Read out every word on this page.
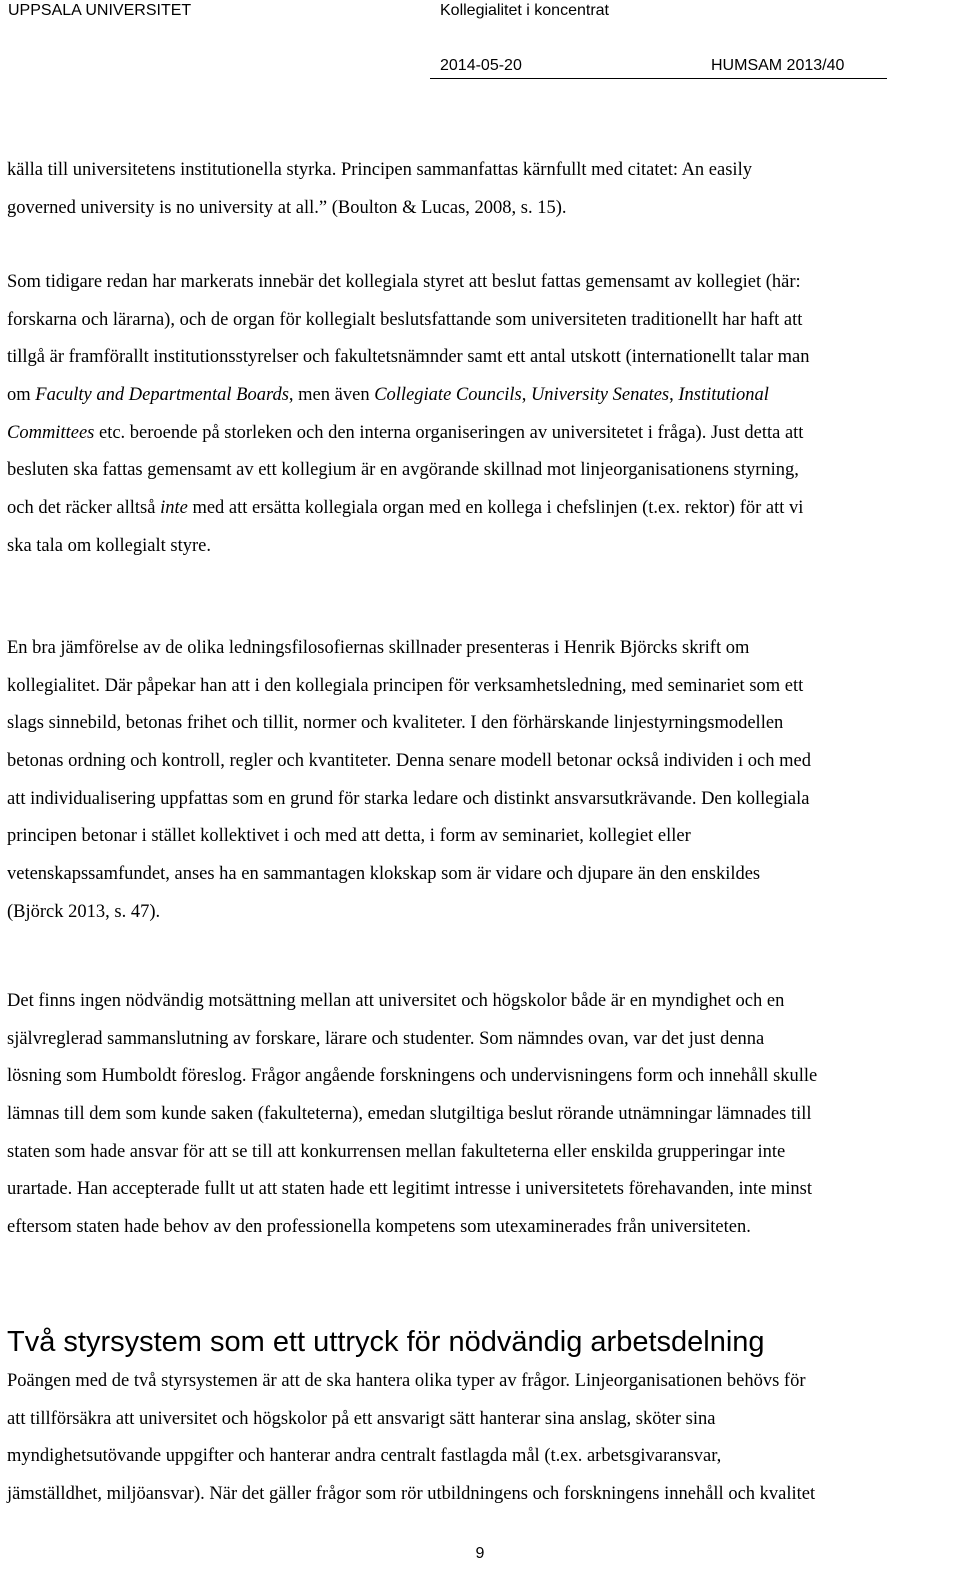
UPPSALA UNIVERSITET	Kollegialitet i koncentrat
2014-05-20	HUMSAM 2013/40

källa till universitetens institutionella styrka. Principen sammanfattas kärnfullt med citatet: An easily
governed university is no university at all.” (Boulton & Lucas, 2008, s. 15).

Som tidigare redan har markerats innebär det kollegiala styret att beslut fattas gemensamt av kollegiet (här:
forskarna och lärarna), och de organ för kollegialt beslutsfattande som universiteten traditionellt har haft att
tillgå är framförallt institutionsstyrelser och fakultetsnämnder samt ett antal utskott (internationellt talar man
om Faculty and Departmental Boards, men även Collegiate Councils, University Senates, Institutional
Committees etc. beroende på storleken och den interna organiseringen av universitetet i fråga). Just detta att
besluten ska fattas gemensamt av ett kollegium är en avgörande skillnad mot linjeorganisationens styrning,
och det räcker alltså inte med att ersätta kollegiala organ med en kollega i chefslinjen (t.ex. rektor) för att vi
ska tala om kollegialt styre.

En bra jämförelse av de olika ledningsfilosofiernas skillnader presenteras i Henrik Björcks skrift om
kollegialitet. Där påpekar han att i den kollegiala principen för verksamhetsledning, med seminariet som ett
slags sinnebild, betonas frihet och tillit, normer och kvaliteter. I den förhärskande linjestyrningsmodellen
betonas ordning och kontroll, regler och kvantiteter. Denna senare modell betonar också individen i och med
att individualisering uppfattas som en grund för starka ledare och distinkt ansvarsutkrävande. Den kollegiala
principen betonar i stället kollektivet i och med att detta, i form av seminariet, kollegiet eller
vetenskapssamfundet, anses ha en sammantagen klokskap som är vidare och djupare än den enskildes
(Björck 2013, s. 47).

Det finns ingen nödvändig motsättning mellan att universitet och högskolor både är en myndighet och en
självreglerad sammanslutning av forskare, lärare och studenter. Som nämndes ovan, var det just denna
lösning som Humboldt föreslog. Frågor angående forskningens och undervisningens form och innehåll skulle
lämnas till dem som kunde saken (fakulteterna), emedan slutgiltiga beslut rörande utnämningar lämnades till
staten som hade ansvar för att se till att konkurrensen mellan fakulteterna eller enskilda grupperingar inte
urartade. Han accepterade fullt ut att staten hade ett legitimt intresse i universitetets förehavanden, inte minst
eftersom staten hade behov av den professionella kompetens som utexaminerades från universiteten.

Två styrsystem som ett uttryck för nödvändig arbetsdelning

Poängen med de två styrsystemen är att de ska hantera olika typer av frågor. Linjeorganisationen behövs för
att tillförsäkra att universitet och högskolor på ett ansvarigt sätt hanterar sina anslag, sköter sina
myndighetsutövande uppgifter och hanterar andra centralt fastlagda mål (t.ex. arbetsgivaransvar,
jämställdhet, miljöansvar). När det gäller frågor som rör utbildningens och forskningens innehåll och kvalitet

9
